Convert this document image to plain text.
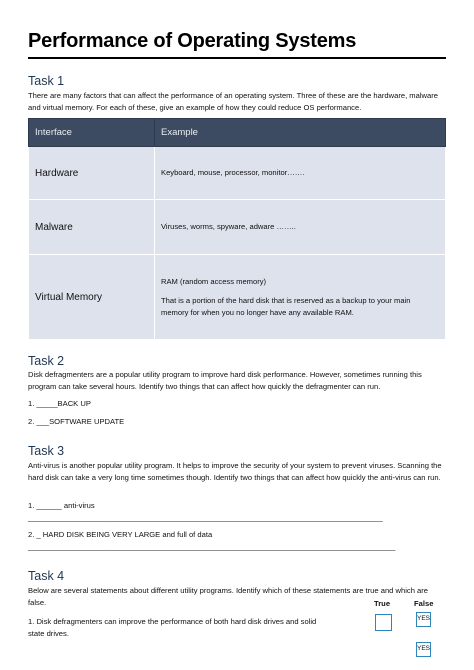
Performance of Operating Systems
Task 1
There are many factors that can affect the performance of an operating system. Three of these are the hardware, malware and virtual memory. For each of these, give an example of how they could reduce OS performance.
Interface	Example
Hardware	Keyboard, mouse, processor, monitor…….
Malware	Viruses, worms, spyware, adware ……..
Virtual Memory	RAM (random access memory)
That is a portion of the hard disk that is reserved as a backup to your main memory for when you no longer have any available RAM.
Task 2
Disk defragmenters are a popular utility program to improve hard disk performance. However, sometimes running this program can take several hours. Identify two things that can affect how quickly the defragmenter can run.
1. _____BACK UP
2. ___SOFTWARE UPDATE
Task 3
Anti-virus is another popular utility program. It helps to improve the security of your system to prevent viruses. Scanning the hard disk can take a very long time sometimes though. Identify two things that can affect how quickly the anti-virus can run.
1. ______ anti-virus
____________________________________________________________________________________
2. _ HARD DISK BEING VERY LARGE and full of data
_______________________________________________________________________________________
Task 4
Below are several statements about different utility programs. Identify which of these statements are true and which are false.	True	False
1. Disk defragmenters can improve the performance of both hard disk drives and solid state drives.
YES
YES
